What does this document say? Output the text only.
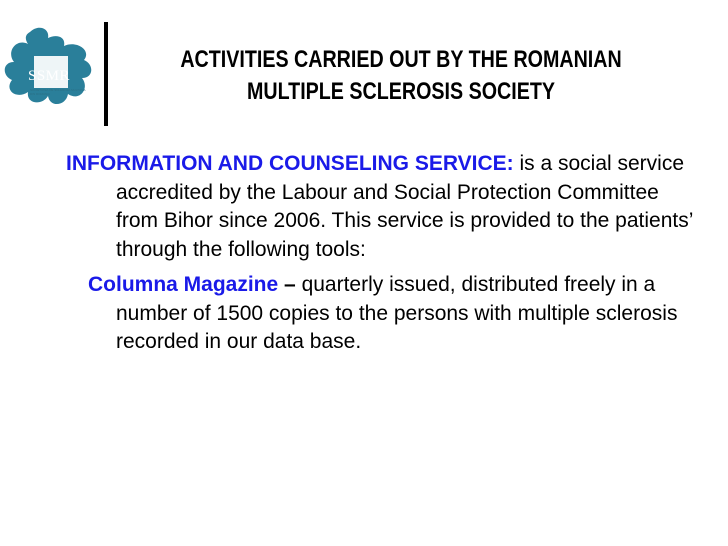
SSMR
SOCIETATEA DE SCLEROZA MULTIPLA DIN ROMANIA
ACTIVITIES CARRIED OUT BY THE ROMANIAN
MULTIPLE SCLEROSIS SOCIETY

INFORMATION AND COUNSELING SERVICE: is a social service accredited by the Labour and Social Protection Committee from Bihor since 2006. This service is provided to the patients’ through the following tools:

Columna Magazine – quarterly issued, distributed freely in a number of 1500 copies to the persons with multiple sclerosis recorded in our data base.
